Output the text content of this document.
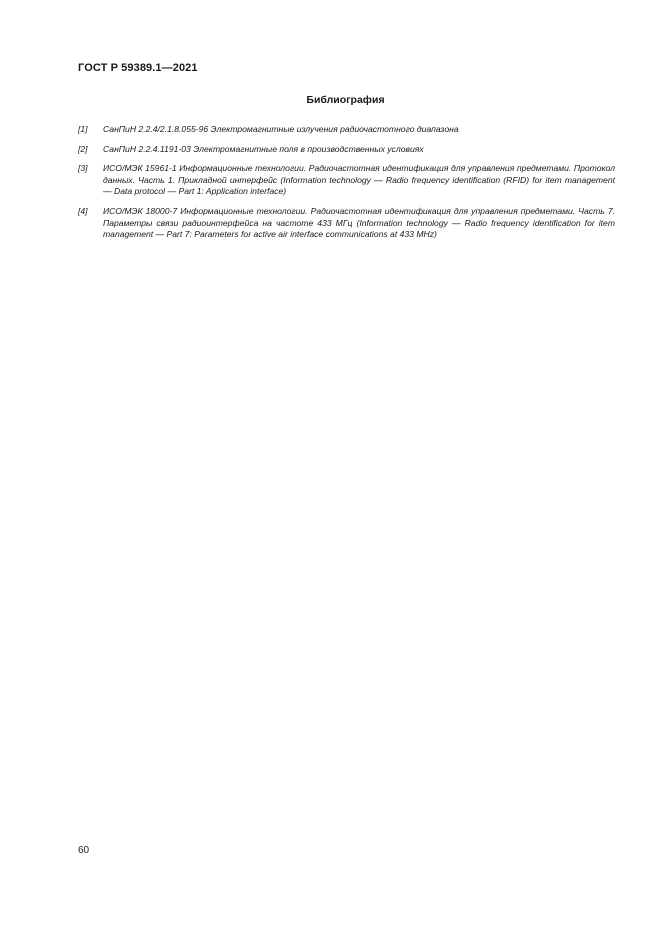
ГОСТ Р 59389.1—2021
Библиография
[1]	СанПиН 2.2.4/2.1.8.055-96 Электромагнитные излучения радиочастотного диапазона
[2]	СанПиН 2.2.4.1191-03 Электромагнитные поля в производственных условиях
[3]	ИСО/МЭК 15961-1 Информационные технологии. Радиочастотная идентификация для управления предметами. Протокол данных. Часть 1. Прикладной интерфейс (Information technology — Radio frequency identification (RFID) for item management — Data protocol — Part 1: Application interface)
[4]	ИСО/МЭК 18000-7 Информационные технологии. Радиочастотная идентификация для управления предметами. Часть 7. Параметры связи радиоинтерфейса на частоте 433 МГц (Information technology — Radio frequency identification for item management — Part 7: Parameters for active air interface communications at 433 MHz)
60
